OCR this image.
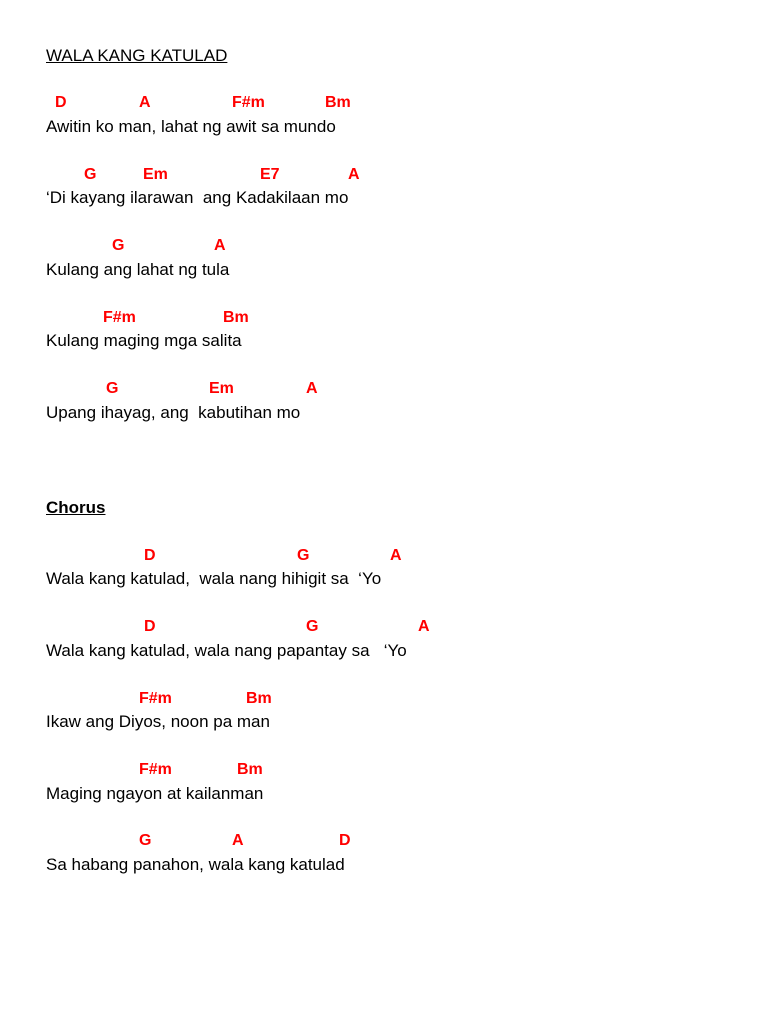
WALA KANG KATULAD
D	A	F#m	Bm
Awitin ko man, lahat ng awit sa mundo
G	Em	E7	A
‘Di kayang ilarawan  ang Kadakilaan mo
G	A
Kulang ang lahat ng tula
F#m	Bm
Kulang maging mga salita
G	Em	A
Upang ihayag, ang  kabutihan mo
Chorus
D	G	A
Wala kang katulad,  wala nang hihigit sa  ‘Yo
D	G	A
Wala kang katulad, wala nang papantay sa   ‘Yo
F#m	Bm
Ikaw ang Diyos, noon pa man
F#m	Bm
Maging ngayon at kailanman
G	A	D
Sa habang panahon, wala kang katulad
